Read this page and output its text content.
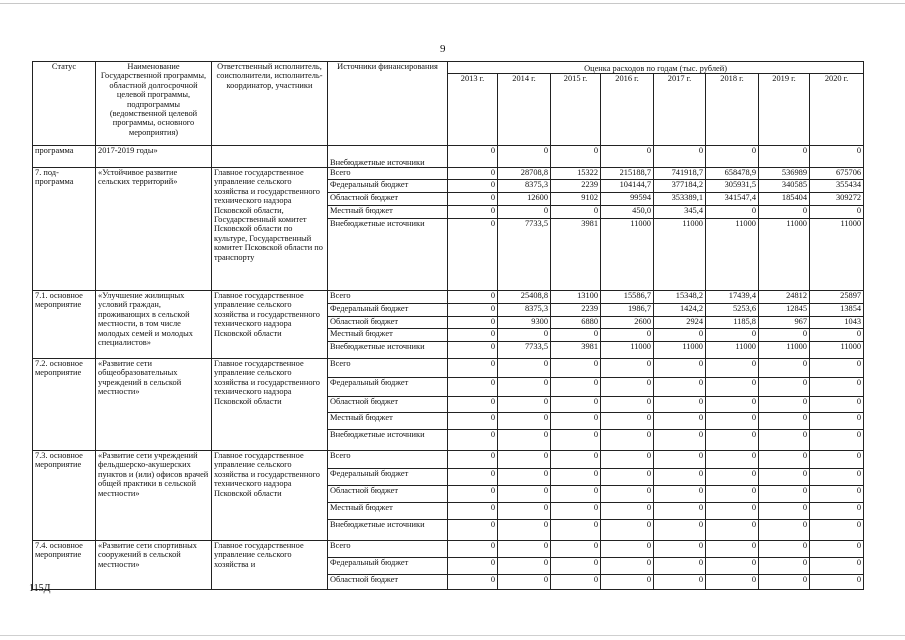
9
Статус	Наименование Государственной программы, областной долгосрочной целевой программы, подпрограммы (ведомственной целевой программы, основного мероприятия)	Ответственный исполнитель, соисполнители, исполнитель-координатор, участники	Источники финансирования	Оценка расходов по годам (тыс. рублей)							
				2013 г.	2014 г.	2015 г.	2016 г.	2017 г.	2018 г.	2019 г.	2020 г.
программа	2017-2019 годы»		Внебюджетные источники	0	0	0	0	0	0	0	0
7. под-программа	«Устойчивое развитие сельских территорий»	Главное государственное управление сельского хозяйства и государственного технического надзора Псковской области, Государственный комитет Псковской области по культуре, Государственный комитет Псковской области по транспорту	Всего	0	28708,8	15322	215188,7	741918,7	658478,9	536989	675706
			Федеральный бюджет	0	8375,3	2239	104144,7	377184,2	305931,5	340585	355434
			Областной бюджет	0	12600	9102	99594	353389,1	341547,4	185404	309272
			Местный бюджет	0	0	0	450,0	345,4	0	0	0
			Внебюджетные источники	0	7733,5	3981	11000	11000	11000	11000	11000
7.1. основное мероприятие	«Улучшение жилищных условий граждан, проживающих в сельской местности, в том числе молодых семей и молодых специалистов»	Главное государственное управление сельского хозяйства и государственного технического надзора Псковской области	Всего	0	25408,8	13100	15586,7	15348,2	17439,4	24812	25897
			Федеральный бюджет	0	8375,3	2239	1986,7	1424,2	5253,6	12845	13854
			Областной бюджет	0	9300	6880	2600	2924	1185,8	967	1043
			Местный бюджет	0	0	0	0	0	0	0	0
			Внебюджетные источники	0	7733,5	3981	11000	11000	11000	11000	11000
7.2. основное мероприятие	«Развитие сети общеобразовательных учреждений в сельской местности»	Главное государственное управление сельского хозяйства и государственного технического надзора Псковской области	Всего	0	0	0	0	0	0	0	0
			Федеральный бюджет	0	0	0	0	0	0	0	0
			Областной бюджет	0	0	0	0	0	0	0	0
			Местный бюджет	0	0	0	0	0	0	0	0
			Внебюджетные источники	0	0	0	0	0	0	0	0
7.3. основное мероприятие	«Развитие сети учреждений фельдшерско-акушерских пунктов и (или) офисов врачей общей практики в сельской местности»	Главное государственное управление сельского хозяйства и государственного технического надзора Псковской области	Всего	0	0	0	0	0	0	0	0
			Федеральный бюджет	0	0	0	0	0	0	0	0
			Областной бюджет	0	0	0	0	0	0	0	0
			Местный бюджет	0	0	0	0	0	0	0	0
			Внебюджетные источники	0	0	0	0	0	0	0	0
7.4. основное мероприятие	«Развитие сети спортивных сооружений в сельской местности»	Главное государственное управление сельского хозяйства и	Всего	0	0	0	0	0	0	0	0
			Федеральный бюджет	0	0	0	0	0	0	0	0
			Областной бюджет	0	0	0	0	0	0	0	0
115Д
